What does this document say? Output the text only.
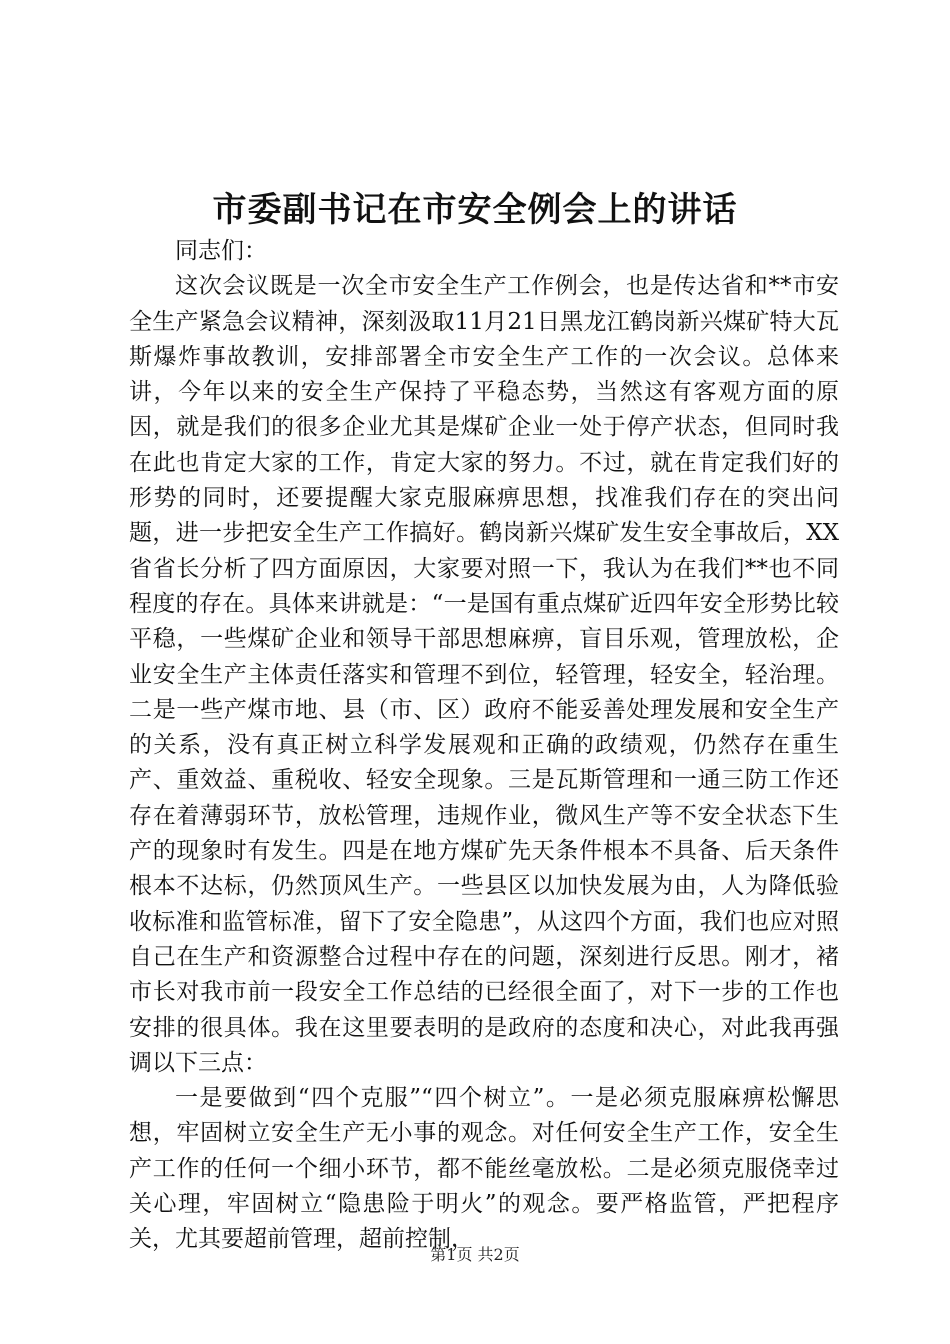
市委副书记在市安全例会上的讲话

同志们：

这次会议既是一次全市安全生产工作例会，也是传达省和**市安全生产紧急会议精神，深刻汲取11月21日黑龙江鹤岗新兴煤矿特大瓦斯爆炸事故教训，安排部署全市安全生产工作的一次会议。总体来讲，今年以来的安全生产保持了平稳态势，当然这有客观方面的原因，就是我们的很多企业尤其是煤矿企业一处于停产状态，但同时我在此也肯定大家的工作，肯定大家的努力。不过，就在肯定我们好的形势的同时，还要提醒大家克服麻痹思想，找准我们存在的突出问题，进一步把安全生产工作搞好。鹤岗新兴煤矿发生安全事故后，XX省省长分析了四方面原因，大家要对照一下，我认为在我们**也不同程度的存在。具体来讲就是：“一是国有重点煤矿近四年安全形势比较平稳，一些煤矿企业和领导干部思想麻痹，盲目乐观，管理放松，企业安全生产主体责任落实和管理不到位，轻管理，轻安全，轻治理。二是一些产煤市地、县（市、区）政府不能妥善处理发展和安全生产的关系，没有真正树立科学发展观和正确的政绩观，仍然存在重生产、重效益、重税收、轻安全现象。三是瓦斯管理和一通三防工作还存在着薄弱环节，放松管理，违规作业，微风生产等不安全状态下生产的现象时有发生。四是在地方煤矿先天条件根本不具备、后天条件根本不达标，仍然顶风生产。一些县区以加快发展为由，人为降低验收标准和监管标准，留下了安全隐患”，从这四个方面，我们也应对照自己在生产和资源整合过程中存在的问题，深刻进行反思。刚才，褚市长对我市前一段安全工作总结的已经很全面了，对下一步的工作也安排的很具体。我在这里要表明的是政府的态度和决心，对此我再强调以下三点：

一是要做到“四个克服”“四个树立”。一是必须克服麻痹松懈思想，牢固树立安全生产无小事的观念。对任何安全生产工作，安全生产工作的任何一个细小环节，都不能丝毫放松。二是必须克服侥幸过关心理，牢固树立“隐患险于明火”的观念。要严格监管，严把程序关，尤其要超前管理，超前控制，

第1页 共2页
